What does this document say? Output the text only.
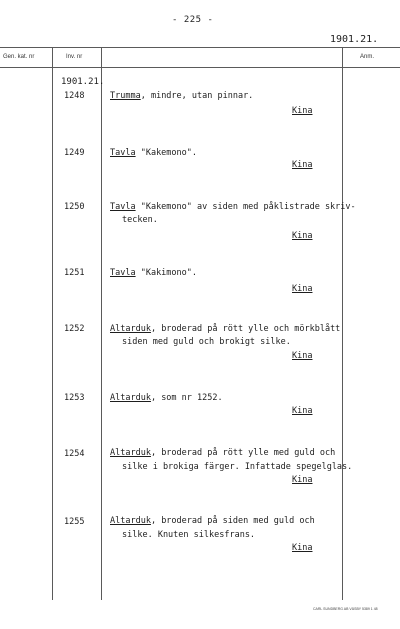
- 225 -
1901.21.
Gen. kat. nr	Inv. nr	Anm.
1901.21.
1248	Trumma, mindre, utan pinnar.
Kina
1249	Tavla "Kakemono".
Kina
1250	Tavla "Kakemono" av siden med påklistrade skriv-
tecken.
Kina
1251	Tavla "Kakimono".
Kina
1252	Altarduk, broderad på rött ylle och mörkblått
siden med guld och brokigt silke.
Kina
1253	Altarduk, som nr 1252.
Kina
1254	Altarduk, broderad på rött ylle med guld och
silke i brokiga färger. Infattade spegelglas.
Kina
1255	Altarduk, broderad på siden med guld och
silke. Knuten silkesfrans.
Kina
CARL SUNDBERG AB VÄSBY 5389 1 48
